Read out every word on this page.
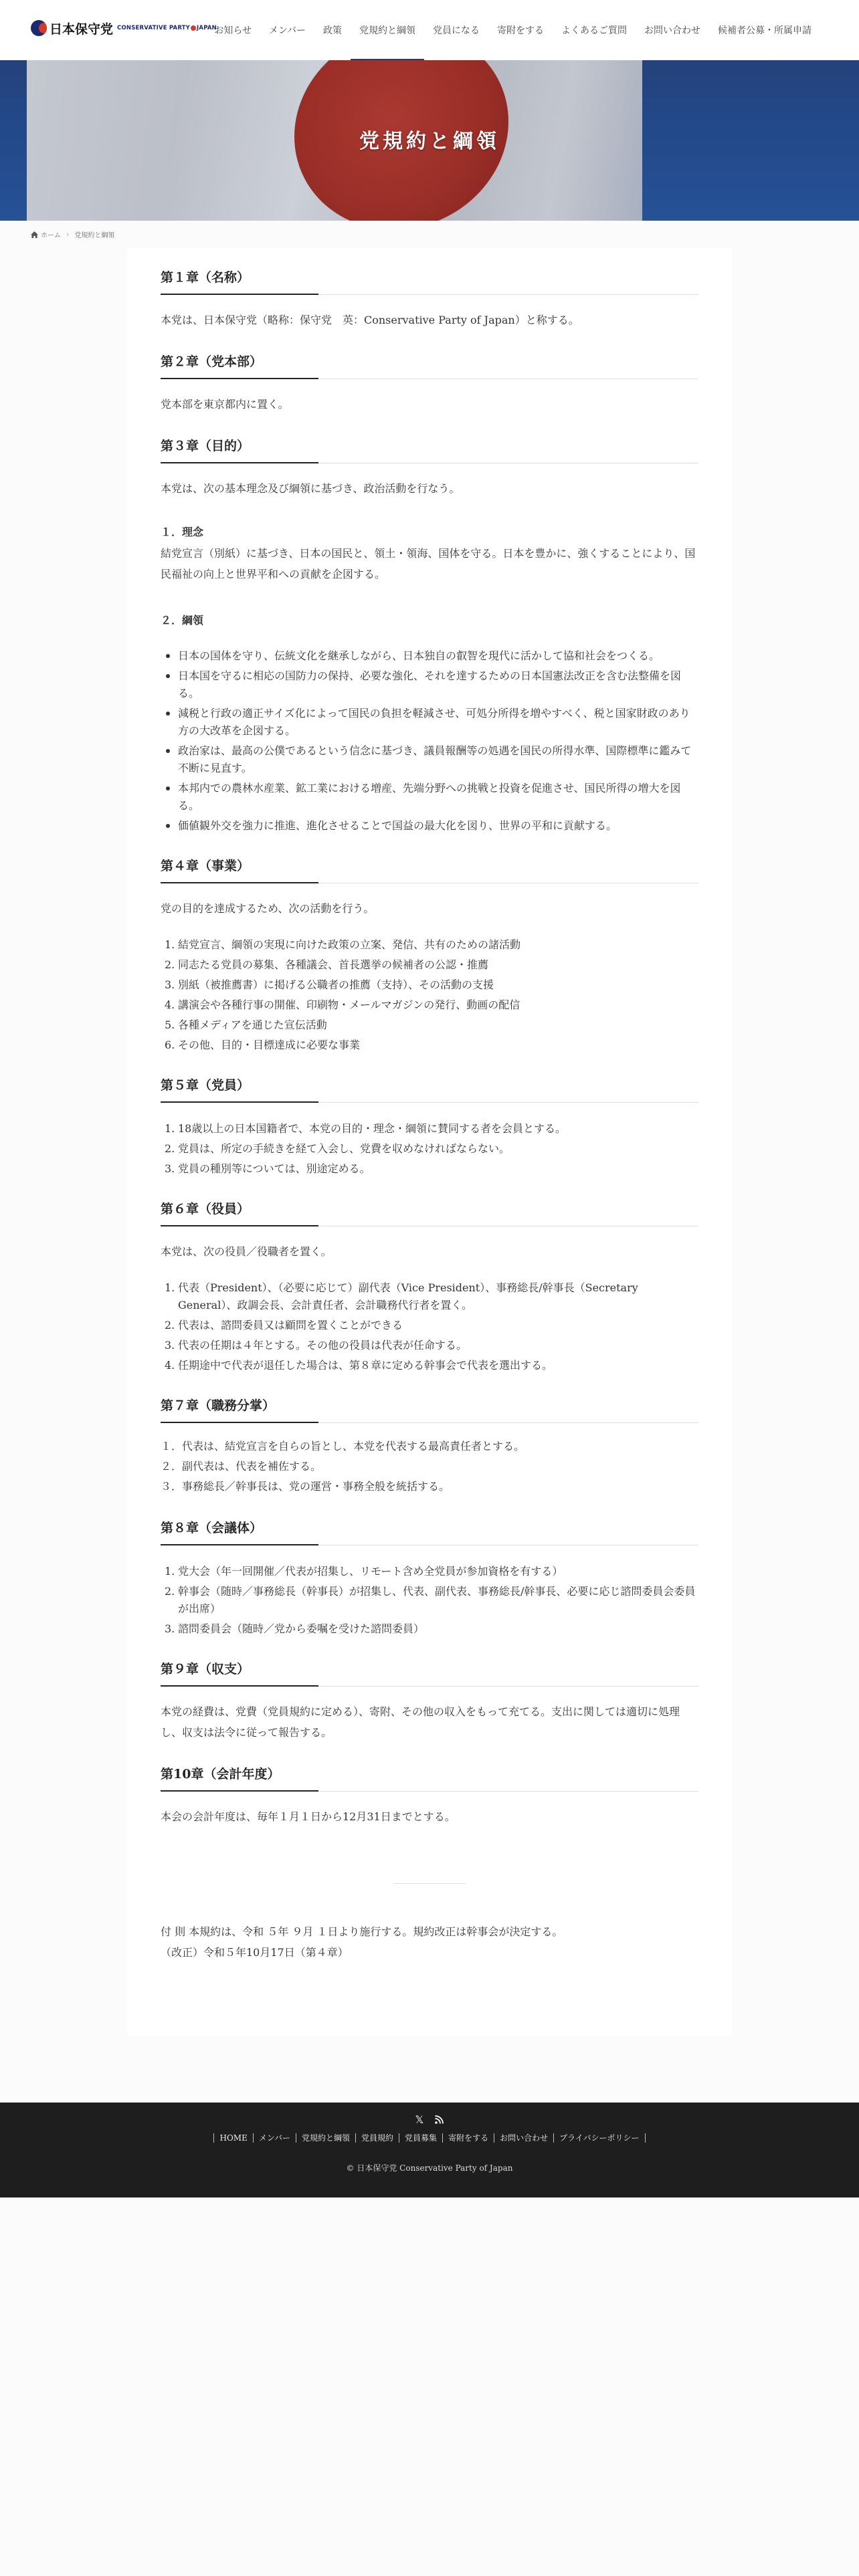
日本保守党 CONSERVATIVE PARTY JAPAN
お知らせ	メンバー	政策	党規約と綱領	党員になる	寄附をする	よくあるご質問	お問い合わせ	候補者公募・所属申請
党規約と綱領
ホーム › 党規約と綱領
第１章（名称）

本党は、日本保守党（略称：保守党　英：Conservative Party of Japan）と称する。

第２章（党本部）

党本部を東京都内に置く。

第３章（目的）

本党は、次の基本理念及び綱領に基づき、政治活動を行なう。

１．理念

結党宣言（別紙）に基づき、日本の国民と、領土・領海、国体を守る。日本を豊かに、強くすることにより、国民福祉の向上と世界平和への貢献を企図する。

２．綱領
日本の国体を守り、伝統文化を継承しながら、日本独自の叡智を現代に活かして協和社会をつくる。
日本国を守るに相応の国防力の保持、必要な強化、それを達するための日本国憲法改正を含む法整備を図る。
減税と行政の適正サイズ化によって国民の負担を軽減させ、可処分所得を増やすべく、税と国家財政のあり方の大改革を企図する。
政治家は、最高の公僕であるという信念に基づき、議員報酬等の処遇を国民の所得水準、国際標準に鑑みて不断に見直す。
本邦内での農林水産業、鉱工業における増産、先端分野への挑戦と投資を促進させ、国民所得の増大を図る。
価値観外交を強力に推進、進化させることで国益の最大化を図り、世界の平和に貢献する。
第４章（事業）

党の目的を達成するため、次の活動を行う。

1. 結党宣言、綱領の実現に向けた政策の立案、発信、共有のための諸活動
2. 同志たる党員の募集、各種議会、首長選挙の候補者の公認・推薦
3. 別紙（被推薦書）に掲げる公職者の推薦（支持）、その活動の支援
4. 講演会や各種行事の開催、印刷物・メールマガジンの発行、動画の配信
5. 各種メディアを通じた宣伝活動
6. その他、目的・目標達成に必要な事業
第５章（党員）
1. 18歳以上の日本国籍者で、本党の目的・理念・綱領に賛同する者を会員とする。
2. 党員は、所定の手続きを経て入会し、党費を収めなければならない。
3. 党員の種別等については、別途定める。
第６章（役員）

本党は、次の役員／役職者を置く。

1. 代表（President）、（必要に応じて）副代表（Vice President）、事務総長/幹事長（Secretary General）、政調会長、会計責任者、会計職務代行者を置く。
2. 代表は、諮問委員又は顧問を置くことができる
3. 代表の任期は４年とする。その他の役員は代表が任命する。
4. 任期途中で代表が退任した場合は、第８章に定める幹事会で代表を選出する。
第７章（職務分掌）

１．代表は、結党宣言を自らの旨とし、本党を代表する最高責任者とする。

２．副代表は、代表を補佐する。

３．事務総長／幹事長は、党の運営・事務全般を統括する。

第８章（会議体）
1. 党大会（年一回開催／代表が招集し、リモート含め全党員が参加資格を有する）
2. 幹事会（随時／事務総長（幹事長）が招集し、代表、副代表、事務総長/幹事長、必要に応じ諮問委員会委員が出席）
3. 諮問委員会（随時／党から委嘱を受けた諮問委員）
第９章（収支）

本党の経費は、党費（党員規約に定める）、寄附、その他の収入をもって充てる。支出に関しては適切に処理し、収支は法令に従って報告する。

第10章（会計年度）

本会の会計年度は、毎年１月１日から12月31日までとする。

付 則 本規約は、令和 ５年 ９月 １日より施行する。規約改正は幹事会が決定する。

（改正）令和５年10月17日（第４章）

𝕏
HOME	メンバー	党規約と綱領	党員規約	党員募集	寄附をする	お問い合わせ	プライバシーポリシー
© 日本保守党 Conservative Party of Japan
